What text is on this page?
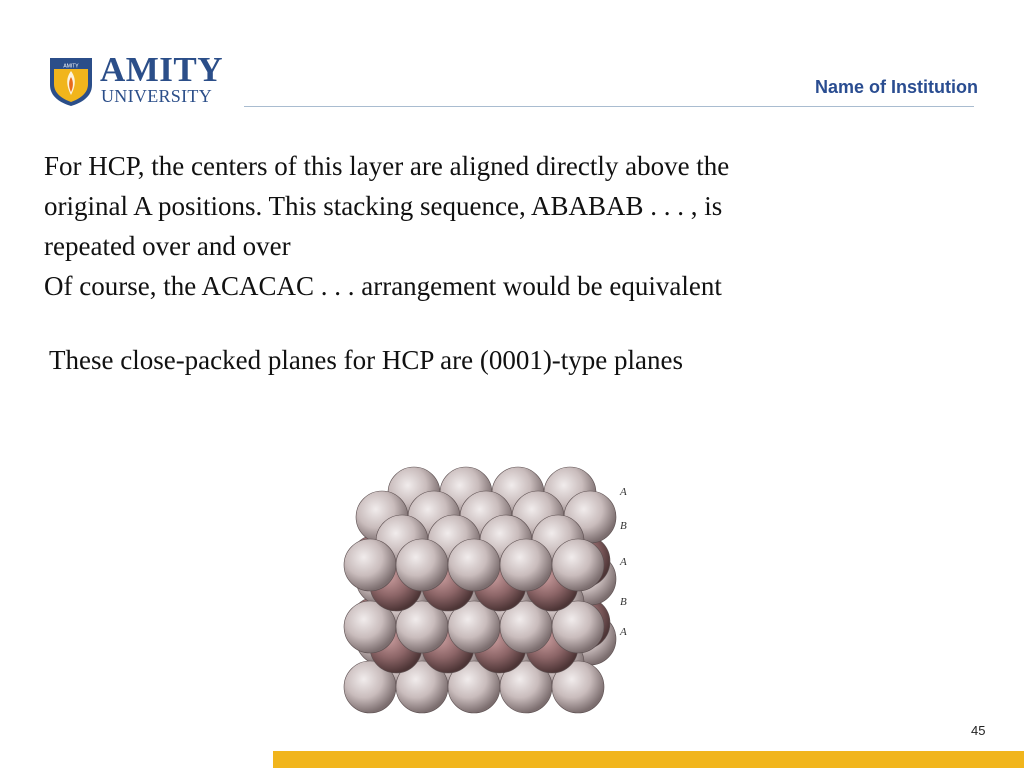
AMITY AMITY
UNIVERSITY	Name of Institution

For HCP, the centers of this layer are aligned directly above the

original A positions. This stacking sequence, ABABAB . . . , is

repeated over and over

Of course, the ACACAC . . . arrangement would be equivalent

These close-packed planes for HCP are (0001)-type planes

A
B
A
B
A
45
